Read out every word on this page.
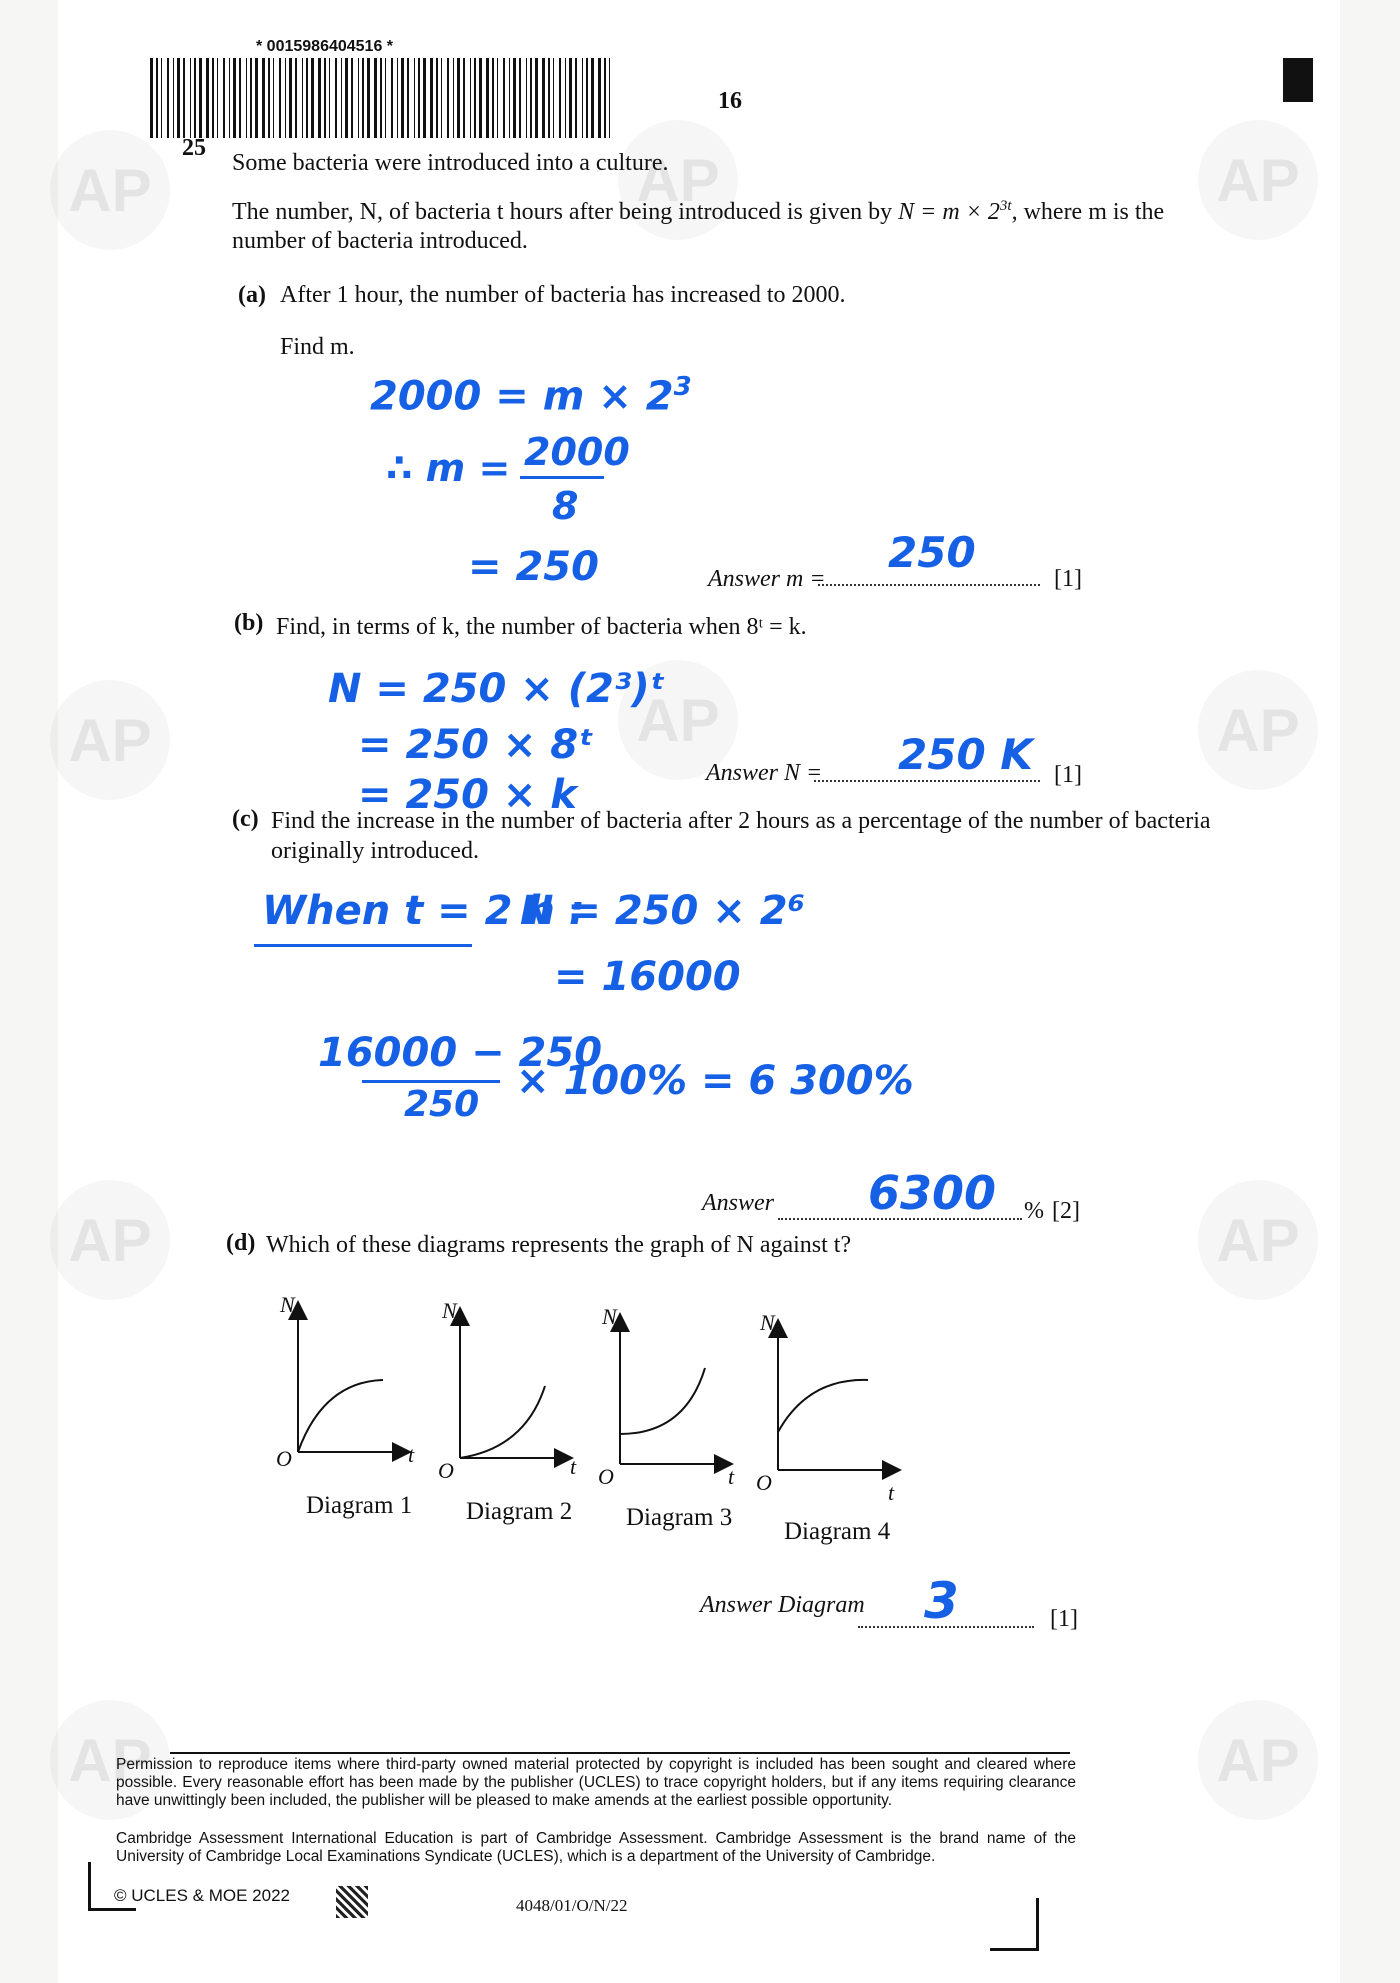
AP	AP	AP
AP	AP	AP
AP	AP
AP	AP
* 0015986404516 *
16
25
Some bacteria were introduced into a culture.
The number, N, of bacteria t hours after being introduced is given by $N = m \times 2^{3t}$, where m is the
number of bacteria introduced.
(a) After 1 hour, the number of bacteria has increased to 2000.
Find m.
$2000 = m \times 2^3$
∴ m = 2000
8
= 250	Answer m =
250
[1]
(b) Find, in terms of k, the number of bacteria when 8ᵗ = k.
N = 250 × (2³)ᵗ
= 250 × 8ᵗ
= 250 × k	Answer N = 250 K [1]
(c) Find the increase in the number of bacteria after 2 hours as a percentage of the number of bacteria
originally introduced.
When t = 2 h :
N = 250 × 2⁶
= 16000
16000 − 250
250
× 100% = 6 300%
Answer 6300 % [2]
(d) Which of these diagrams represents the graph of N against t?
N
O	t
Diagram 1
N
O	t
Diagram 2
N
O	t
Diagram 3
N
O	t
Diagram 4
Answer Diagram 3	[1]
Permission to reproduce items where third-party owned material protected by copyright is included has been sought and cleared where possible. Every reasonable effort has been made by the publisher (UCLES) to trace copyright holders, but if any items requiring clearance have unwittingly been included, the publisher will be pleased to make amends at the earliest possible opportunity.
Cambridge Assessment International Education is part of Cambridge Assessment. Cambridge Assessment is the brand name of the University of Cambridge Local Examinations Syndicate (UCLES), which is a department of the University of Cambridge.
© UCLES & MOE 2022
4048/01/O/N/22
